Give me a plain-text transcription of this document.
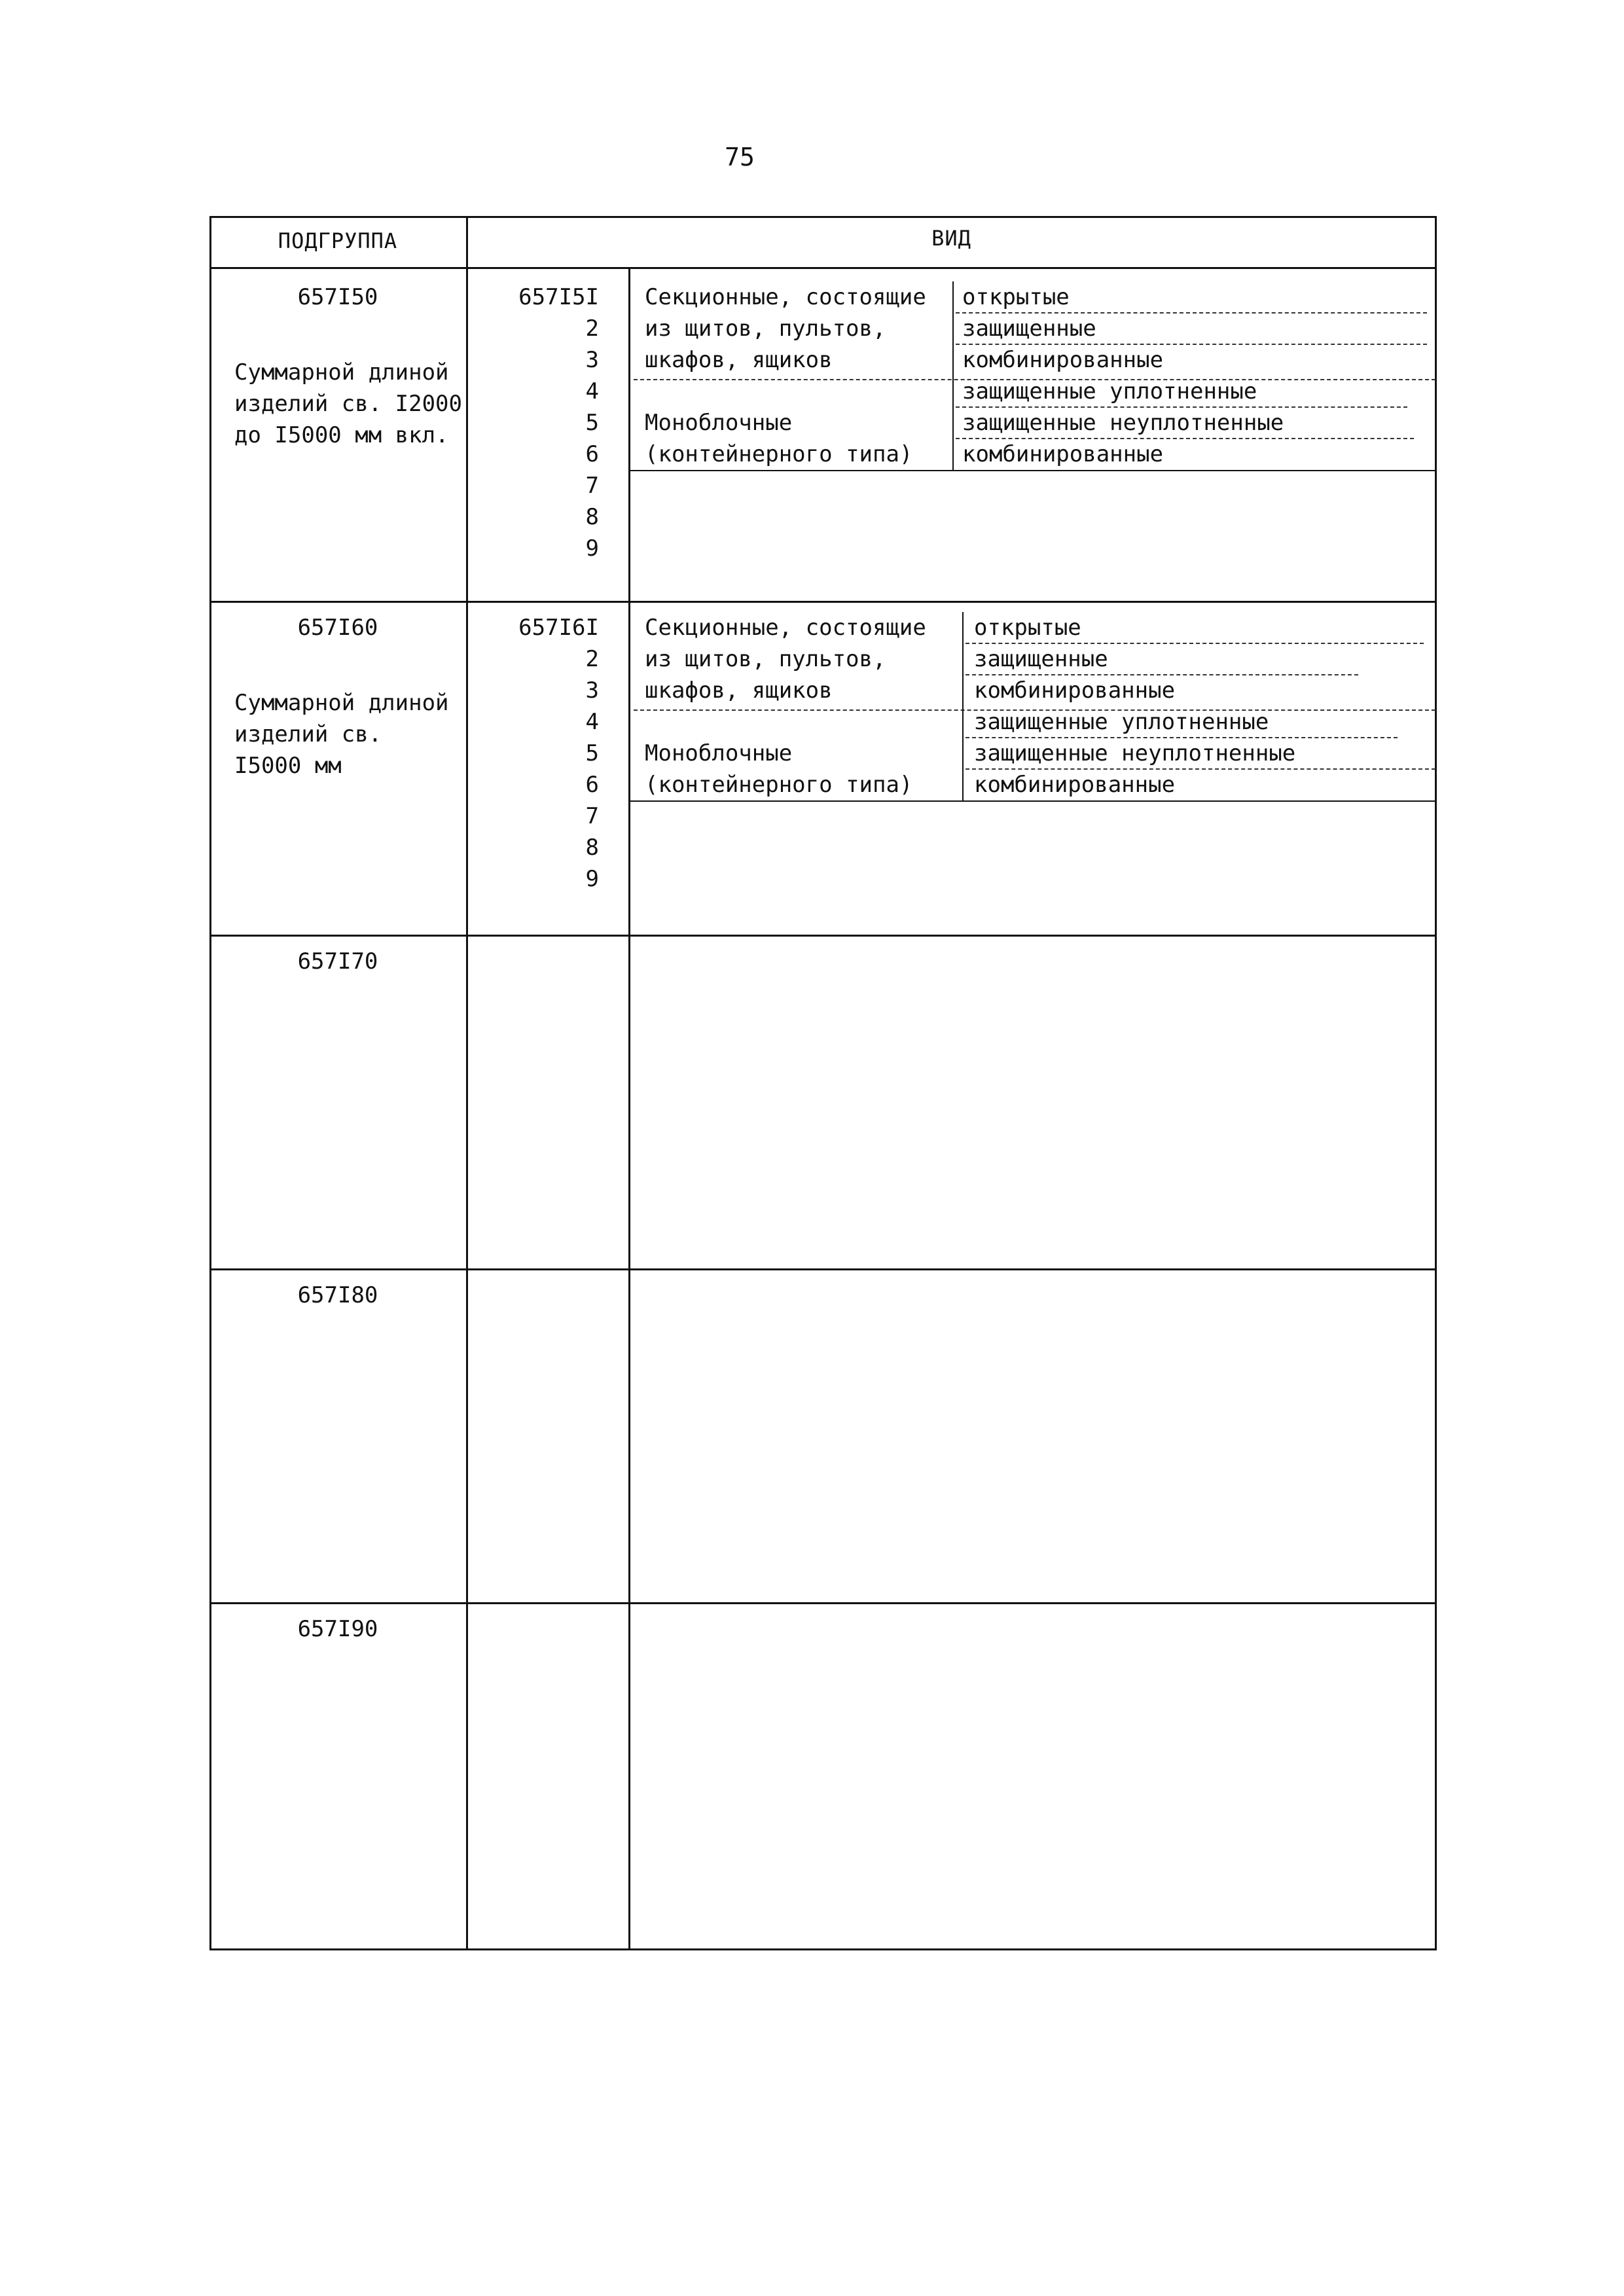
75
ПОДГРУППА	ВИД
657I50
Суммарной длиной
изделий св. I2000
до I5000 мм вкл.
657I5I
2
3
4
5
6
7
8
9
Секционные, состоящие
из щитов, пультов,
шкафов, ящиков
Моноблочные
(контейнерного типа)
открытые
защищенные
комбинированные
защищенные уплотненные
защищенные неуплотненные
комбинированные
657I60
Суммарной длиной
изделий св.
I5000 мм
657I6I
2
3
4
5
6
7
8
9
Секционные, состоящие
из щитов, пультов,
шкафов, ящиков
Моноблочные
(контейнерного типа)
открытые
защищенные
комбинированные
защищенные уплотненные
защищенные неуплотненные
комбинированные
657I70
657I80
657I90
